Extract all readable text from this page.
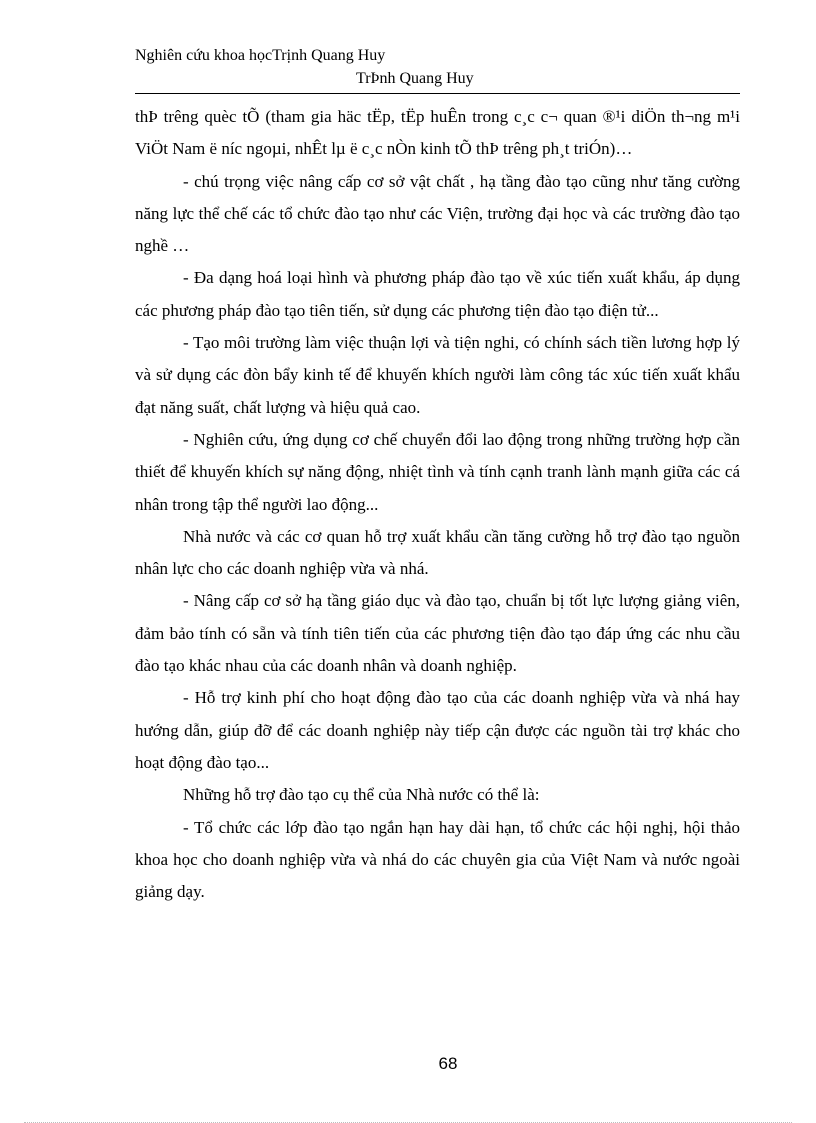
Nghiên cứu khoa họcTrịnh Quang Huy
TrÞnh Quang Huy

thÞ trêng quèc tÕ (tham gia häc tËp, tËp huÊn trong c¸c c¬ quan ®¹i diÖn th¬ng m¹i ViÖt Nam ë níc ngoµi, nhÊt lµ ë c¸c nÒn kinh tÕ thÞ trêng ph¸t triÓn)…

- chú trọng việc nâng cấp cơ sở vật chất , hạ tầng đào tạo cũng như tăng cường năng lực thể chế các tổ chức đào tạo như các Viện, trường đại học và các trường đào tạo nghề …

- Đa dạng hoá loại hình và phương pháp đào tạo về xúc tiến xuất khẩu, áp dụng các phương pháp đào tạo tiên tiến, sử dụng các phương tiện đào tạo điện tử...

- Tạo môi trường làm việc thuận lợi và tiện nghi, có chính sách tiền lương hợp lý và sử dụng các đòn bẩy kinh tế để khuyến khích người làm công tác xúc tiến xuất khẩu đạt năng suất, chất lượng và hiệu quả cao.

- Nghiên cứu, ứng dụng cơ chế chuyển đổi lao động trong những trường hợp cần thiết để khuyến khích sự năng động, nhiệt tình và tính cạnh tranh lành mạnh giữa các cá nhân trong tập thể người lao động...

Nhà nước và các cơ quan hỗ trợ xuất khẩu cần tăng cường hỗ trợ đào tạo nguồn nhân lực cho các doanh nghiệp vừa và nhá.

- Nâng cấp cơ sở hạ tầng giáo dục và đào tạo, chuẩn bị tốt lực lượng giảng viên, đảm bảo tính có sẵn và tính tiên tiến của các phương tiện đào tạo đáp ứng các nhu cầu đào tạo khác nhau của các doanh nhân và doanh nghiệp.

- Hỗ trợ kinh phí cho hoạt động đào tạo của các doanh nghiệp vừa và nhá hay hướng dẫn, giúp đỡ để các doanh nghiệp này tiếp cận được các nguồn tài trợ khác cho hoạt động đào tạo...

Những hỗ trợ đào tạo cụ thể của Nhà nước có thể là:

- Tổ chức các lớp đào tạo ngắn hạn hay dài hạn, tổ chức các hội nghị, hội thảo khoa học cho doanh nghiệp vừa và nhá do các chuyên gia của Việt Nam và nước ngoài giảng dạy.

68
